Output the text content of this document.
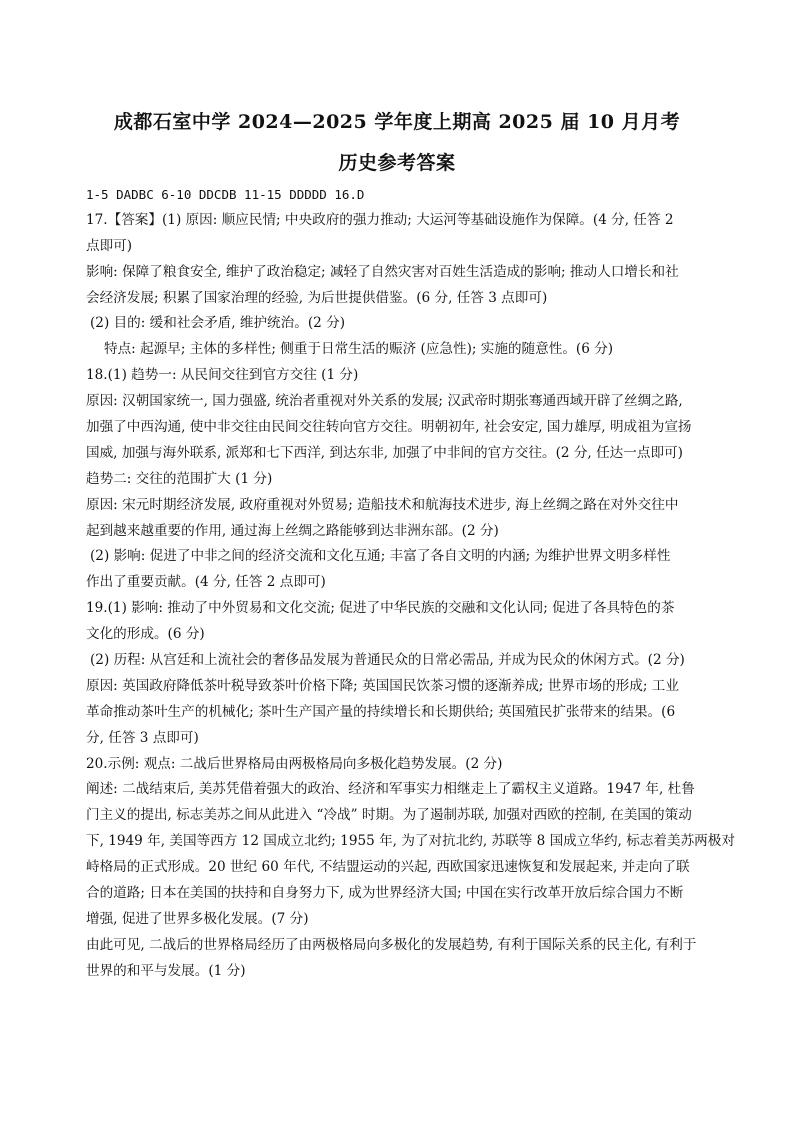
成都石室中学 2024—2025 学年度上期高 2025 届 10 月月考
历史参考答案
1-5 DADBC 6-10 DDCDB 11-15 DDDDD 16.D
17.【答案】(1) 原因: 顺应民情; 中央政府的强力推动; 大运河等基础设施作为保障。(4 分, 任答 2
点即可)
影响: 保障了粮食安全, 维护了政治稳定; 减轻了自然灾害对百姓生活造成的影响; 推动人口增长和社
会经济发展; 积累了国家治理的经验, 为后世提供借鉴。(6 分, 任答 3 点即可)
(2) 目的: 缓和社会矛盾, 维护统治。(2 分)
特点: 起源早; 主体的多样性; 侧重于日常生活的赈济 (应急性); 实施的随意性。(6 分)
18.(1) 趋势一: 从民间交往到官方交往 (1 分)
原因: 汉朝国家统一, 国力强盛, 统治者重视对外关系的发展; 汉武帝时期张骞通西域开辟了丝绸之路,
加强了中西沟通, 使中非交往由民间交往转向官方交往。明朝初年, 社会安定, 国力雄厚, 明成祖为宣扬
国威, 加强与海外联系, 派郑和七下西洋, 到达东非, 加强了中非间的官方交往。(2 分, 任达一点即可)
趋势二: 交往的范围扩大 (1 分)
原因: 宋元时期经济发展, 政府重视对外贸易; 造船技术和航海技术进步, 海上丝绸之路在对外交往中
起到越来越重要的作用, 通过海上丝绸之路能够到达非洲东部。(2 分)
(2) 影响: 促进了中非之间的经济交流和文化互通; 丰富了各自文明的内涵; 为维护世界文明多样性
作出了重要贡献。(4 分, 任答 2 点即可)
19.(1) 影响: 推动了中外贸易和文化交流; 促进了中华民族的交融和文化认同; 促进了各具特色的茶
文化的形成。(6 分)
(2) 历程: 从宫廷和上流社会的奢侈品发展为普通民众的日常必需品, 并成为民众的休闲方式。(2 分)
原因: 英国政府降低茶叶税导致茶叶价格下降; 英国国民饮茶习惯的逐渐养成; 世界市场的形成; 工业
革命推动茶叶生产的机械化; 茶叶生产国产量的持续增长和长期供给; 英国殖民扩张带来的结果。(6
分, 任答 3 点即可)
20.示例: 观点: 二战后世界格局由两极格局向多极化趋势发展。(2 分)
阐述: 二战结束后, 美苏凭借着强大的政治、经济和军事实力相继走上了霸权主义道路。1947 年, 杜鲁
门主义的提出, 标志美苏之间从此进入 “冷战” 时期。为了遏制苏联, 加强对西欧的控制, 在美国的策动
下, 1949 年, 美国等西方 12 国成立北约; 1955 年, 为了对抗北约, 苏联等 8 国成立华约, 标志着美苏两极对
峙格局的正式形成。20 世纪 60 年代, 不结盟运动的兴起, 西欧国家迅速恢复和发展起来, 并走向了联
合的道路; 日本在美国的扶持和自身努力下, 成为世界经济大国; 中国在实行改革开放后综合国力不断
增强, 促进了世界多极化发展。(7 分)
由此可见, 二战后的世界格局经历了由两极格局向多极化的发展趋势, 有利于国际关系的民主化, 有利于
世界的和平与发展。(1 分)
